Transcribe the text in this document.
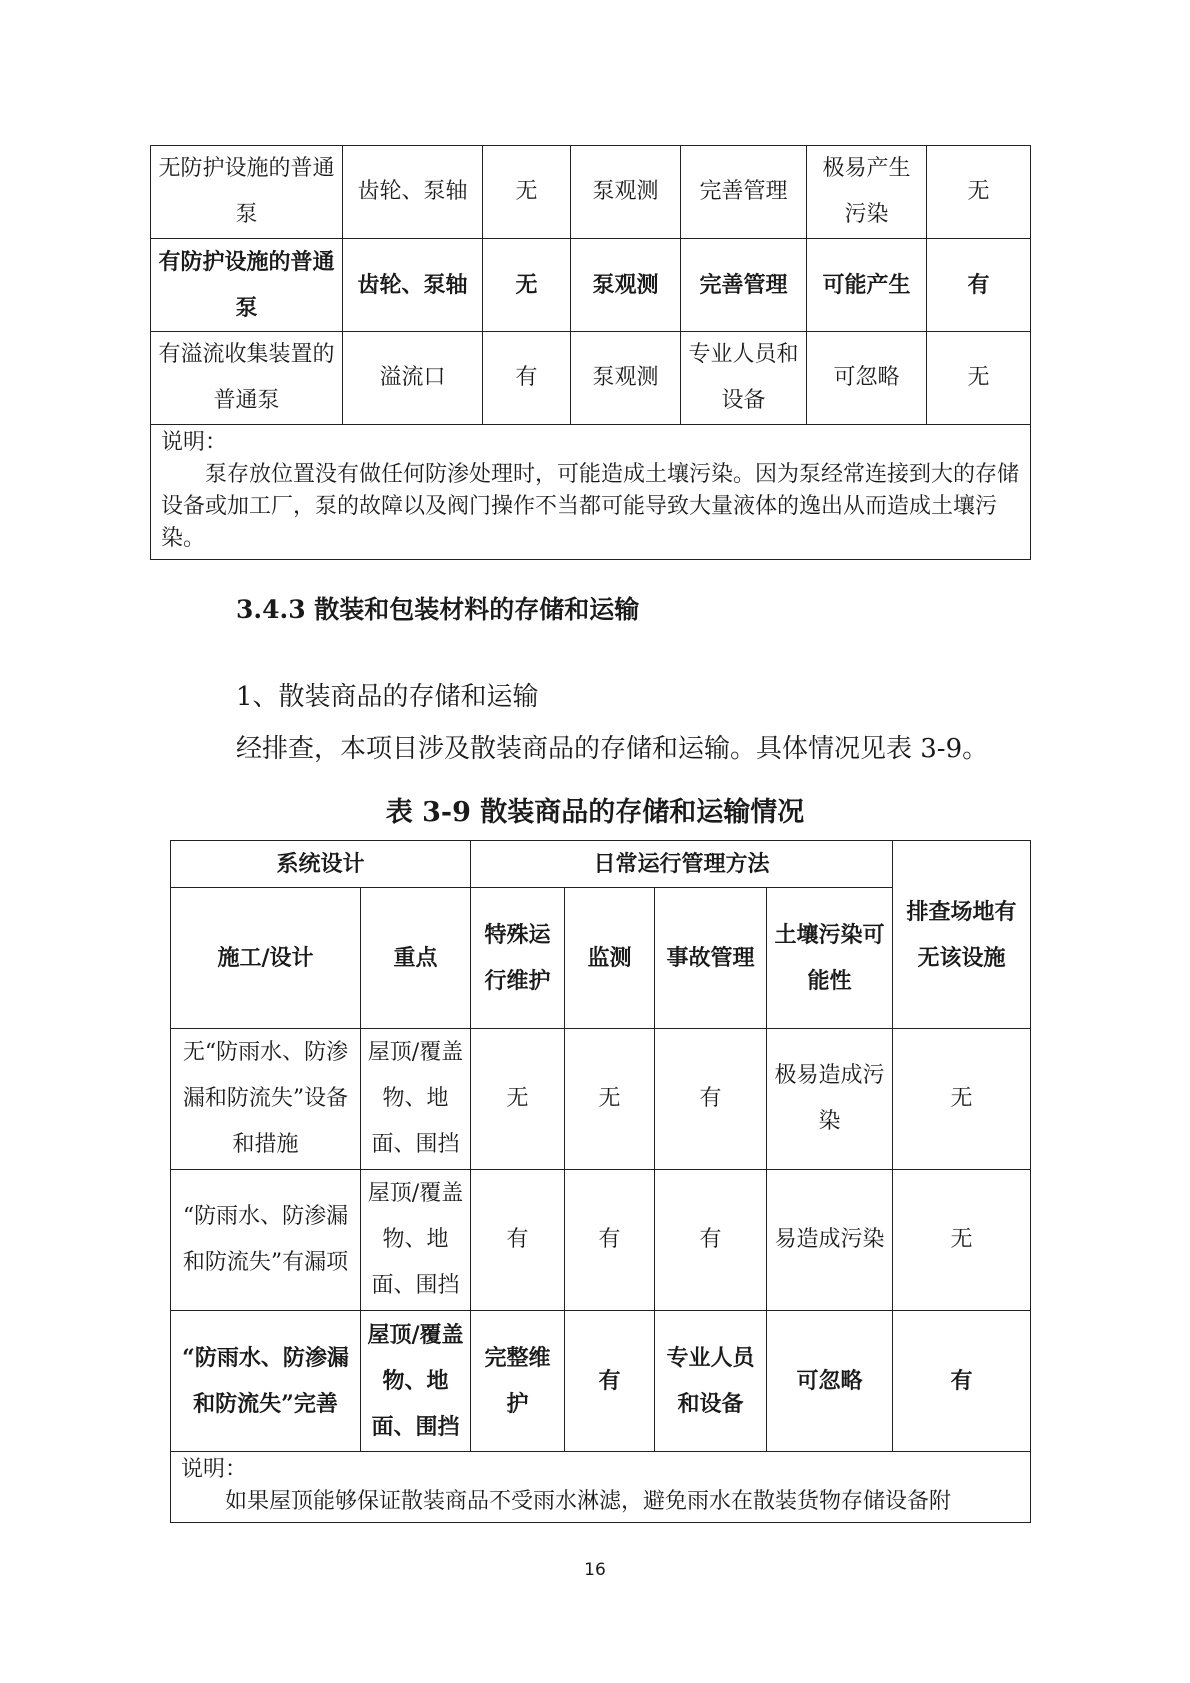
无防护设施的普通泵	齿轮、泵轴	无	泵观测	完善管理	极易产生污染	无
有防护设施的普通泵	齿轮、泵轴	无	泵观测	完善管理	可能产生	有
有溢流收集装置的普通泵	溢流口	有	泵观测	专业人员和设备	可忽略	无
说明：
泵存放位置没有做任何防渗处理时，可能造成土壤污染。因为泵经常连接到大的存储设备或加工厂，泵的故障以及阀门操作不当都可能导致大量液体的逸出从而造成土壤污染。						
3.4.3 散装和包装材料的存储和运输
1、散装商品的存储和运输
经排查，本项目涉及散装商品的存储和运输。具体情况见表 3-9。
表 3-9 散装商品的存储和运输情况
系统设计		日常运行管理方法				排查场地有无该设施
施工/设计	重点	特殊运行维护	监测	事故管理	土壤污染可能性	
无“防雨水、防渗漏和防流失”设备和措施	屋顶/覆盖物、地面、围挡	无	无	有	极易造成污染	无
“防雨水、防渗漏和防流失”有漏项	屋顶/覆盖物、地面、围挡	有	有	有	易造成污染	无
“防雨水、防渗漏和防流失”完善	屋顶/覆盖物、地面、围挡	完整维护	有	专业人员和设备	可忽略	有
说明：
如果屋顶能够保证散装商品不受雨水淋滤，避免雨水在散装货物存储设备附						
16
